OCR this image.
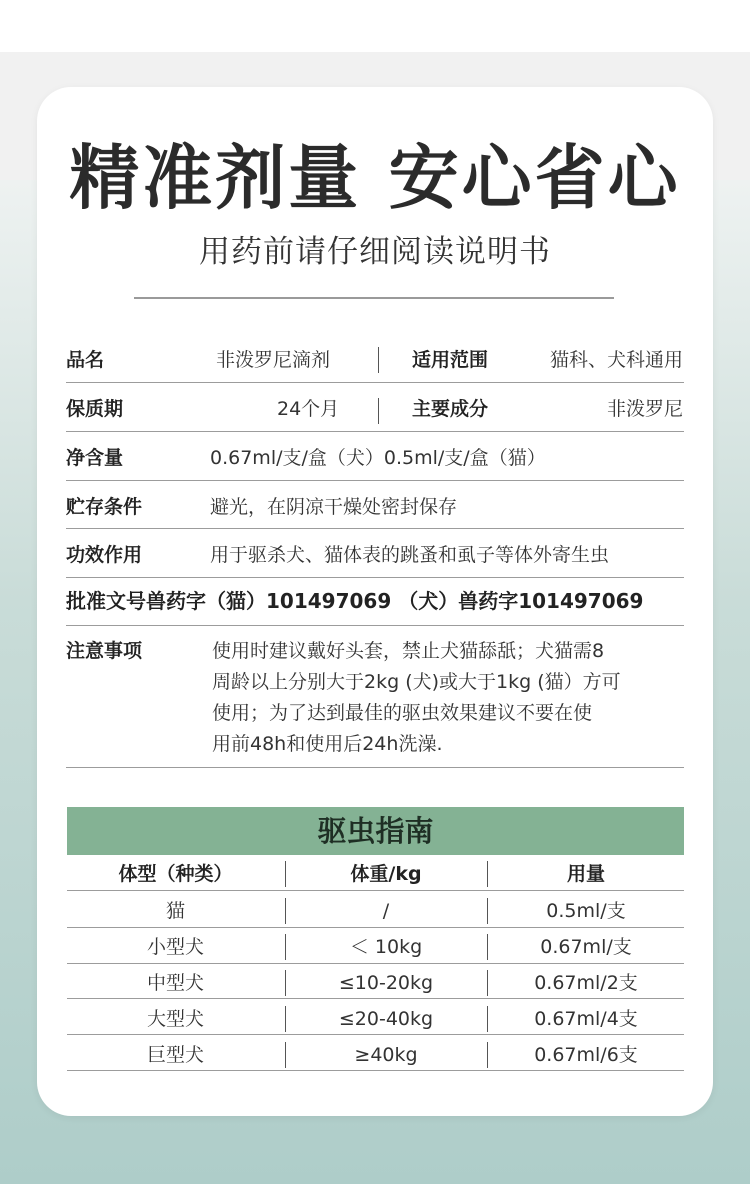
精准剂量 安心省心
用药前请仔细阅读说明书
品名	非泼罗尼滴剂	适用范围	猫科、犬科通用
保质期	24个月	主要成分	非泼罗尼
净含量	0.67ml/支/盒（犬）0.5ml/支/盒（猫）
贮存条件	避光，在阴凉干燥处密封保存
功效作用	用于驱杀犬、猫体表的跳蚤和虱子等体外寄生虫
批准文号兽药字（猫）101497069 （犬）兽药字101497069
注意事项	使用时建议戴好头套，禁止犬猫舔舐；犬猫需8
周龄以上分别大于2kg (犬)或大于1kg (猫）方可
使用；为了达到最佳的驱虫效果建议不要在使
用前48h和使用后24h洗澡.
驱虫指南
体型（种类）	体重/kg	用量
猫	/	0.5ml/支
小型犬	＜ 10kg	0.67ml/支
中型犬	≤10-20kg	0.67ml/2支
大型犬	≤20-40kg	0.67ml/4支
巨型犬	≥40kg	0.67ml/6支
